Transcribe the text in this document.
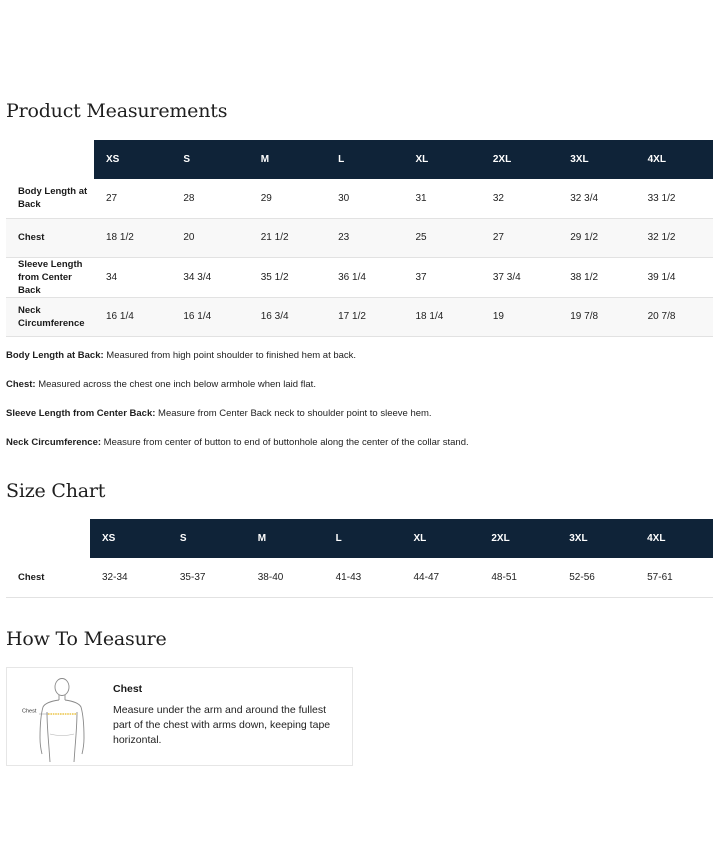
Product Measurements
	XS	S	M	L	XL	2XL	3XL	4XL
Body Length at Back	27	28	29	30	31	32	32 3/4	33 1/2
Chest	18 1/2	20	21 1/2	23	25	27	29 1/2	32 1/2
Sleeve Length from Center Back	34	34 3/4	35 1/2	36 1/4	37	37 3/4	38 1/2	39 1/4
Neck Circumference	16 1/4	16 1/4	16 3/4	17 1/2	18 1/4	19	19 7/8	20 7/8

Body Length at Back: Measured from high point shoulder to finished hem at back.

Chest: Measured across the chest one inch below armhole when laid flat.

Sleeve Length from Center Back: Measure from Center Back neck to shoulder point to sleeve hem.

Neck Circumference: Measure from center of button to end of buttonhole along the center of the collar stand.

Size Chart
	XS	S	M	L	XL	2XL	3XL	4XL
Chest	32-34	35-37	38-40	41-43	44-47	48-51	52-56	57-61
How To Measure
Chest
Chest
Measure under the arm and around the fullest part of the chest with arms down, keeping tape horizontal.
